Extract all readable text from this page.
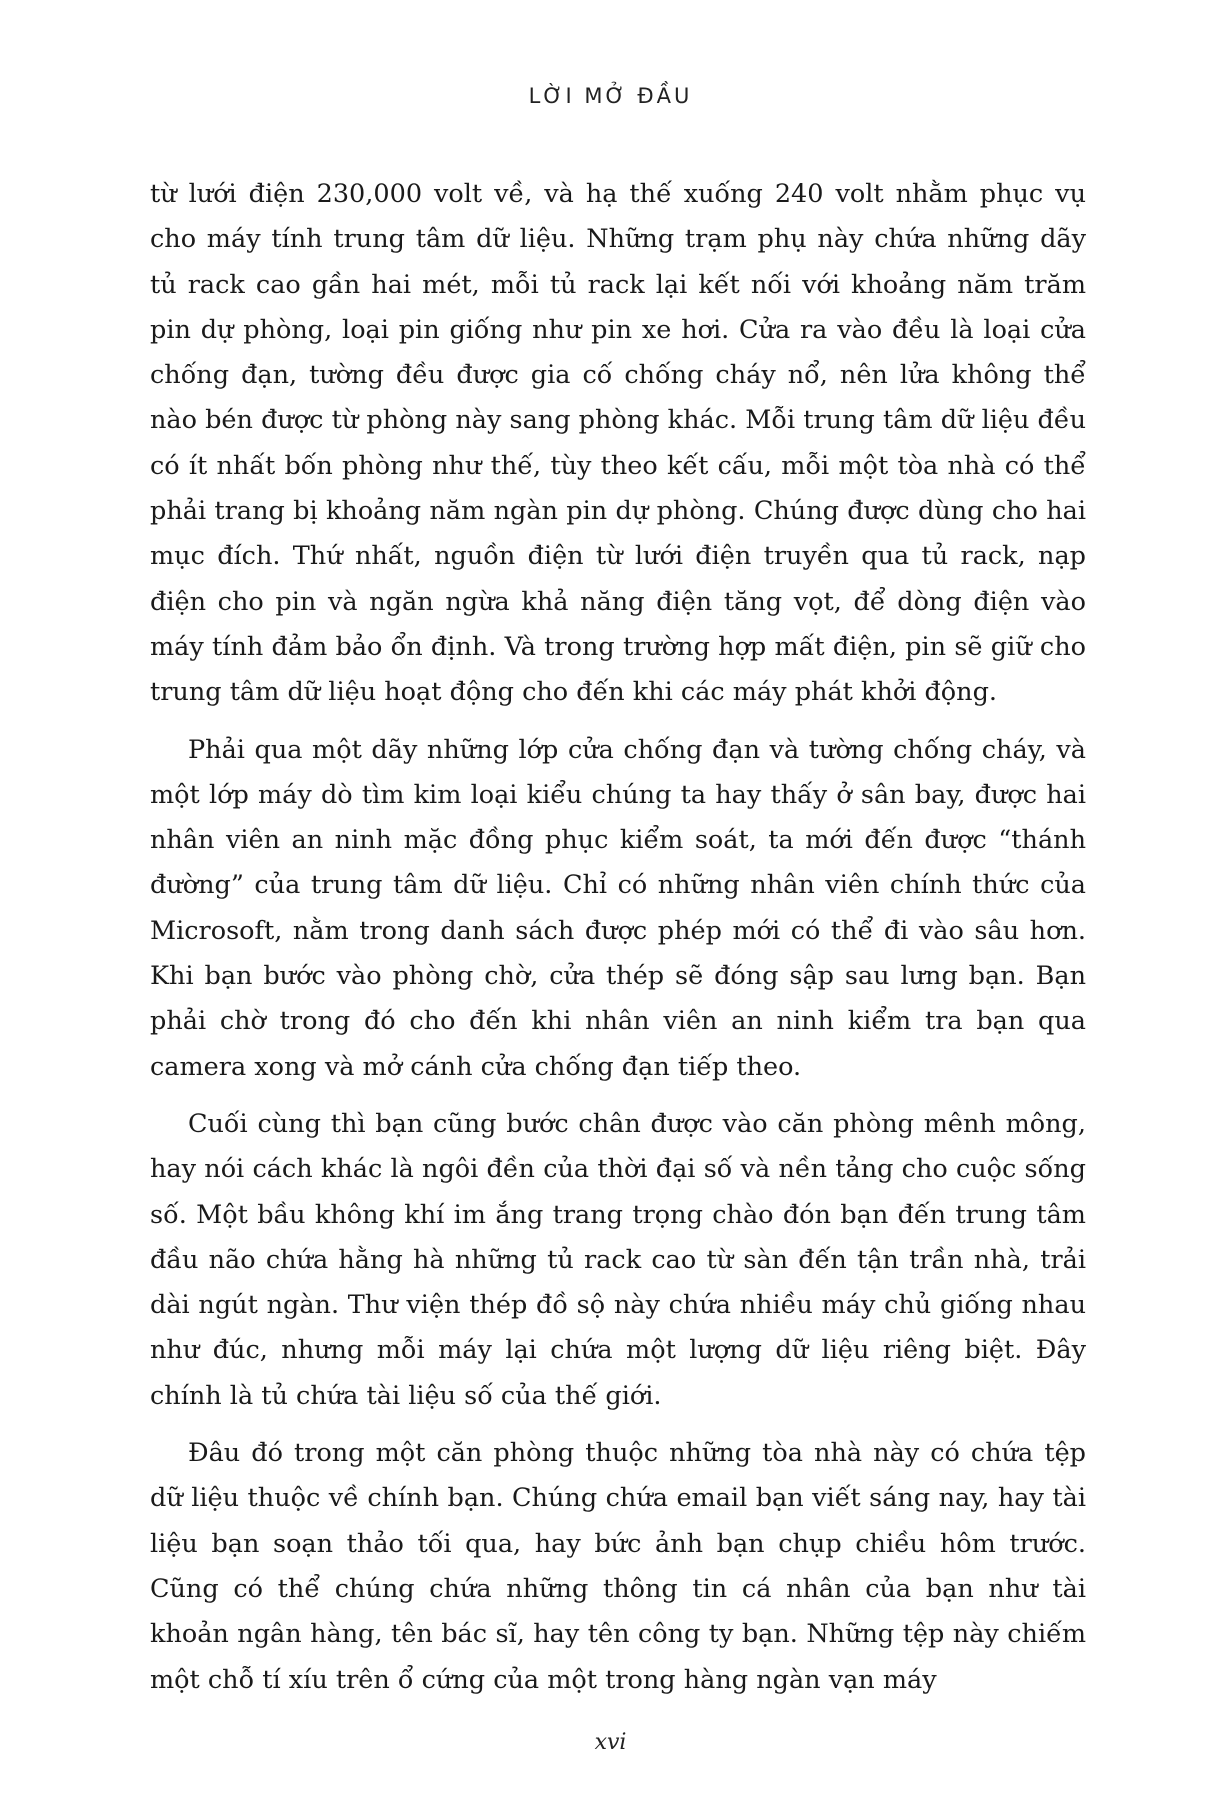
LỜI MỞ ĐẦU

từ lưới điện 230,000 volt về, và hạ thế xuống 240 volt nhằm phục vụ cho máy tính trung tâm dữ liệu. Những trạm phụ này chứa những dãy tủ rack cao gần hai mét, mỗi tủ rack lại kết nối với khoảng năm trăm pin dự phòng, loại pin giống như pin xe hơi. Cửa ra vào đều là loại cửa chống đạn, tường đều được gia cố chống cháy nổ, nên lửa không thể nào bén được từ phòng này sang phòng khác. Mỗi trung tâm dữ liệu đều có ít nhất bốn phòng như thế, tùy theo kết cấu, mỗi một tòa nhà có thể phải trang bị khoảng năm ngàn pin dự phòng. Chúng được dùng cho hai mục đích. Thứ nhất, nguồn điện từ lưới điện truyền qua tủ rack, nạp điện cho pin và ngăn ngừa khả năng điện tăng vọt, để dòng điện vào máy tính đảm bảo ổn định. Và trong trường hợp mất điện, pin sẽ giữ cho trung tâm dữ liệu hoạt động cho đến khi các máy phát khởi động.

Phải qua một dãy những lớp cửa chống đạn và tường chống cháy, và một lớp máy dò tìm kim loại kiểu chúng ta hay thấy ở sân bay, được hai nhân viên an ninh mặc đồng phục kiểm soát, ta mới đến được “thánh đường” của trung tâm dữ liệu. Chỉ có những nhân viên chính thức của Microsoft, nằm trong danh sách được phép mới có thể đi vào sâu hơn. Khi bạn bước vào phòng chờ, cửa thép sẽ đóng sập sau lưng bạn. Bạn phải chờ trong đó cho đến khi nhân viên an ninh kiểm tra bạn qua camera xong và mở cánh cửa chống đạn tiếp theo.

Cuối cùng thì bạn cũng bước chân được vào căn phòng mênh mông, hay nói cách khác là ngôi đền của thời đại số và nền tảng cho cuộc sống số. Một bầu không khí im ắng trang trọng chào đón bạn đến trung tâm đầu não chứa hằng hà những tủ rack cao từ sàn đến tận trần nhà, trải dài ngút ngàn. Thư viện thép đồ sộ này chứa nhiều máy chủ giống nhau như đúc, nhưng mỗi máy lại chứa một lượng dữ liệu riêng biệt. Đây chính là tủ chứa tài liệu số của thế giới.

Đâu đó trong một căn phòng thuộc những tòa nhà này có chứa tệp dữ liệu thuộc về chính bạn. Chúng chứa email bạn viết sáng nay, hay tài liệu bạn soạn thảo tối qua, hay bức ảnh bạn chụp chiều hôm trước. Cũng có thể chúng chứa những thông tin cá nhân của bạn như tài khoản ngân hàng, tên bác sĩ, hay tên công ty bạn. Những tệp này chiếm một chỗ tí xíu trên ổ cứng của một trong hàng ngàn vạn máy

xvi
